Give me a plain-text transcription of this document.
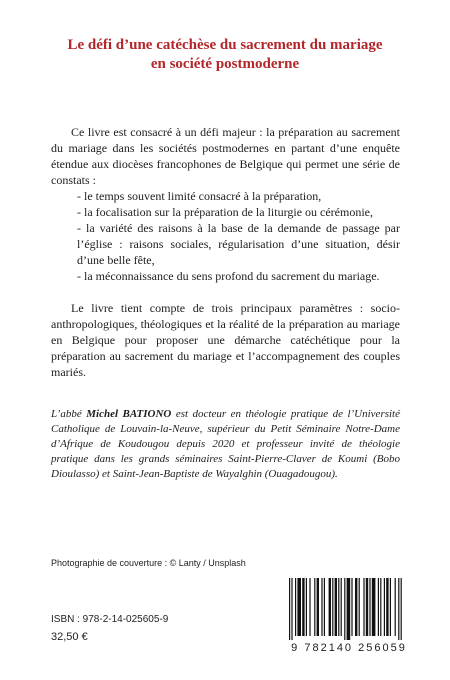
Le défi d’une catéchèse du sacrement du mariage
en société postmoderne

Ce livre est consacré à un défi majeur : la préparation au sacrement du mariage dans les sociétés postmodernes en partant d’une enquête étendue aux diocèses francophones de Belgique qui permet une série de constats :

- le temps souvent limité consacré à la préparation,
- la focalisation sur la préparation de la liturgie ou cérémonie,
- la variété des raisons à la base de la demande de passage par l’église : raisons sociales, régularisation d’une situation, désir d’une belle fête,
- la méconnaissance du sens profond du sacrement du mariage.

Le livre tient compte de trois principaux paramètres : socio-anthropologiques, théologiques et la réalité de la préparation au mariage en Belgique pour proposer une démarche catéchétique pour la préparation au sacrement du mariage et l’accompagnement des couples mariés.

L’abbé Michel BATIONO est docteur en théologie pratique de l’Université Catholique de Louvain-la-Neuve, supérieur du Petit Séminaire Notre-Dame d’Afrique de Koudougou depuis 2020 et professeur invité de théologie pratique dans les grands séminaires Saint-Pierre-Claver de Koumi (Bobo Dioulasso) et Saint-Jean-Baptiste de Wayalghin (Ouagadougou).
Photographie de couverture : © Lanty / Unsplash
ISBN : 978-2-14-025605-9
32,50 €
9 782140 256059
